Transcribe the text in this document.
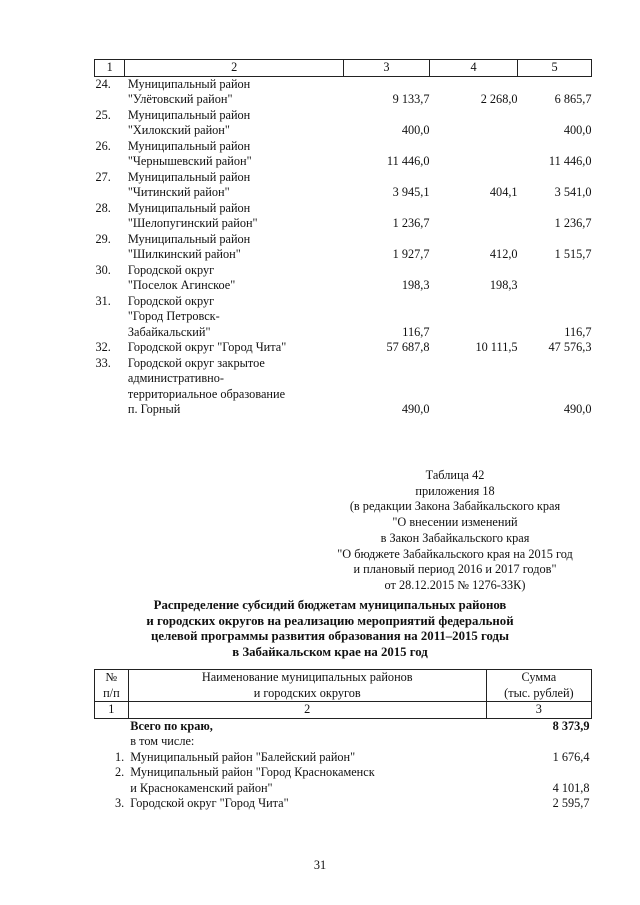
1	2	3	4	5
24.	Муниципальный район
"Улётовский район"	9 133,7	2 268,0	6 865,7
25.	Муниципальный район
"Хилокский район"	400,0		400,0
26.	Муниципальный район
"Чернышевский район"	11 446,0		11 446,0
27.	Муниципальный район
"Читинский район"	3 945,1	404,1	3 541,0
28.	Муниципальный район
"Шелопугинский район"	1 236,7		1 236,7
29.	Муниципальный район
"Шилкинский район"	1 927,7	412,0	1 515,7
30.	Городской округ
"Поселок Агинское"	198,3	198,3	
31.	Городской округ
"Город Петровск-
Забайкальский"	116,7		116,7
32.	Городской округ "Город Чита"	57 687,8	10 111,5	47 576,3
33.	Городской округ закрытое
административно-
территориальное образование
п. Горный	490,0		490,0
Таблица 42
приложения 18
(в редакции Закона Забайкальского края
"О внесении изменений
в Закон Забайкальского края
"О бюджете Забайкальского края на 2015 год
и плановый период 2016 и 2017 годов"
от 28.12.2015 № 1276-ЗЗК)
Распределение субсидий бюджетам муниципальных районов
и городских округов на реализацию мероприятий федеральной
целевой программы развития образования на 2011–2015 годы
в Забайкальском крае на 2015 год
№
п/п	Наименование муниципальных районов
и городских округов	Сумма
(тыс. рублей)

1	2	3
	Всего по краю,	8 373,9
	в том числе:	
1.	Муниципальный район "Балейский район"	1 676,4
2.	Муниципальный район "Город Краснокаменск
и Краснокаменский район"	4 101,8
3.	Городской округ "Город Чита"	2 595,7
31
